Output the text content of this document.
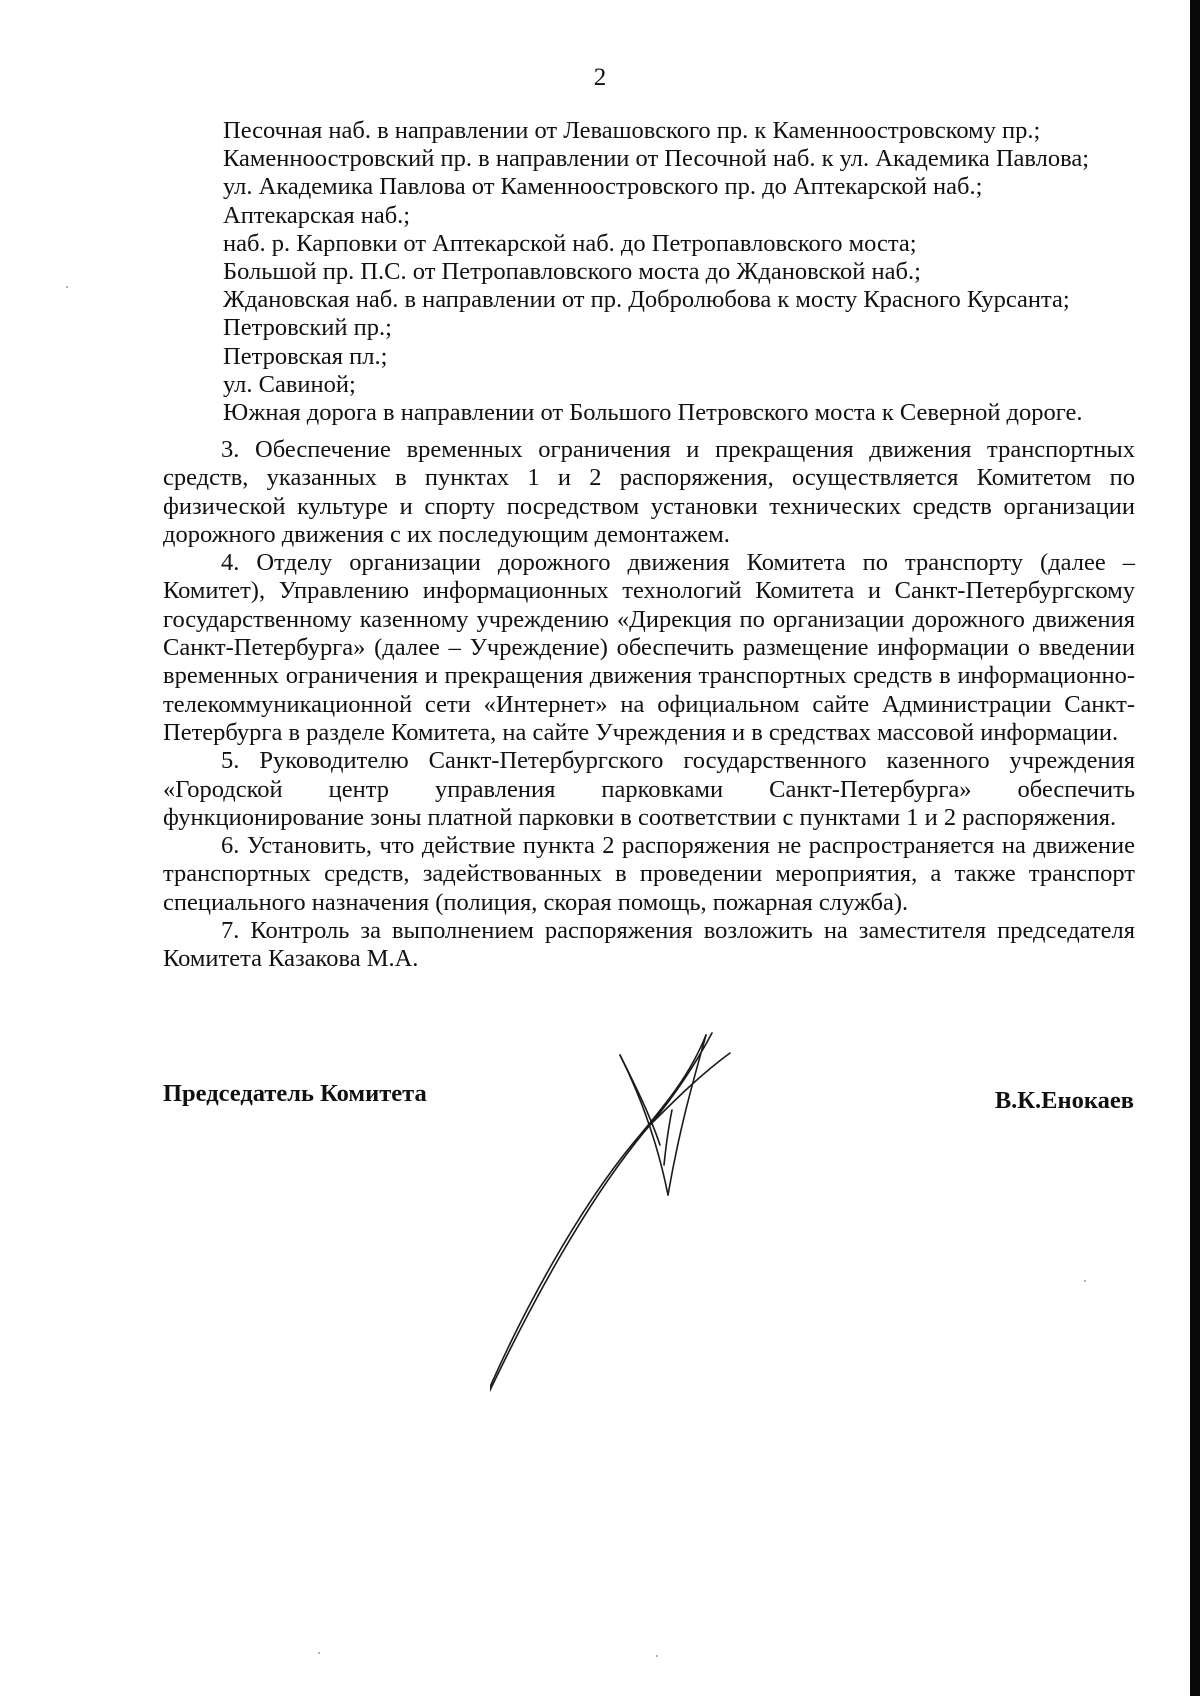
2
Песочная наб. в направлении от Левашовского пр. к Каменноостровскому пр.;
Каменноостровский пр. в направлении от Песочной наб. к ул. Академика Павлова;
ул. Академика Павлова от Каменноостровского пр. до Аптекарской наб.;
Аптекарская наб.;
наб. р. Карповки от Аптекарской наб. до Петропавловского моста;
Большой пр. П.С. от Петропавловского моста до Ждановской наб.;
Ждановская наб. в направлении от пр. Добролюбова к мосту Красного Курсанта;
Петровский пр.;
Петровская пл.;
ул. Савиной;
Южная дорога в направлении от Большого Петровского моста к Северной дороге.

3. Обеспечение временных ограничения и прекращения движения транспортных средств, указанных в пунктах 1 и 2 распоряжения, осуществляется Комитетом по физической культуре и спорту посредством установки технических средств организации дорожного движения с их последующим демонтажем.

4. Отделу организации дорожного движения Комитета по транспорту (далее – Комитет), Управлению информационных технологий Комитета и Санкт-Петербургскому государственному казенному учреждению «Дирекция по организации дорожного движения Санкт-Петербурга» (далее – Учреждение) обеспечить размещение информации о введении временных ограничения и прекращения движения транспортных средств в информационно-телекоммуникационной сети «Интернет» на официальном сайте Администрации Санкт-Петербурга в разделе Комитета, на сайте Учреждения и в средствах массовой информации.

5. Руководителю Санкт-Петербургского государственного казенного учреждения «Городской центр управления парковками Санкт-Петербурга» обеспечить функционирование зоны платной парковки в соответствии с пунктами 1 и 2 распоряжения.

6. Установить, что действие пункта 2 распоряжения не распространяется на движение транспортных средств, задействованных в проведении мероприятия, а также транспорт специального назначения (полиция, скорая помощь, пожарная служба).

7. Контроль за выполнением распоряжения возложить на заместителя председателя Комитета Казакова М.А.

Председатель Комитета	В.К.Енокаев
